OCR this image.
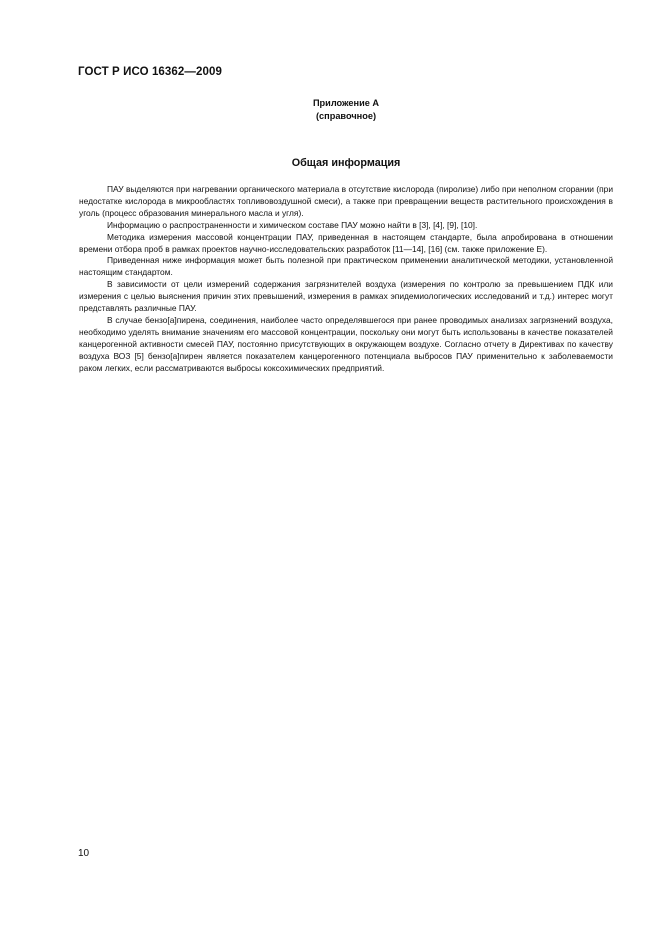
ГОСТ Р ИСО 16362—2009
Приложение А
(справочное)
Общая информация

ПАУ выделяются при нагревании органического материала в отсутствие кислорода (пиролизе) либо при неполном сгорании (при недостатке кислорода в микрообластях топливовоздушной смеси), а также при превращении веществ растительного происхождения в уголь (процесс образования минерального масла и угля).

Информацию о распространенности и химическом составе ПАУ можно найти в [3], [4], [9], [10].

Методика измерения массовой концентрации ПАУ, приведенная в настоящем стандарте, была апробирована в отношении времени отбора проб в рамках проектов научно-исследовательских разработок [11—14], [16] (см. также приложение Е).

Приведенная ниже информация может быть полезной при практическом применении аналитической методики, установленной настоящим стандартом.

В зависимости от цели измерений содержания загрязнителей воздуха (измерения по контролю за превышением ПДК или измерения с целью выяснения причин этих превышений, измерения в рамках эпидемиологических исследований и т.д.) интерес могут представлять различные ПАУ.

В случае бензо[а]пирена, соединения, наиболее часто определявшегося при ранее проводимых анализах загрязнений воздуха, необходимо уделять внимание значениям его массовой концентрации, поскольку они могут быть использованы в качестве показателей канцерогенной активности смесей ПАУ, постоянно присутствующих в окружающем воздухе. Согласно отчету в Директивах по качеству воздуха ВОЗ [5] бензо[а]пирен является показателем канцерогенного потенциала выбросов ПАУ применительно к заболеваемости раком легких, если рассматриваются выбросы коксохимических предприятий.

10
